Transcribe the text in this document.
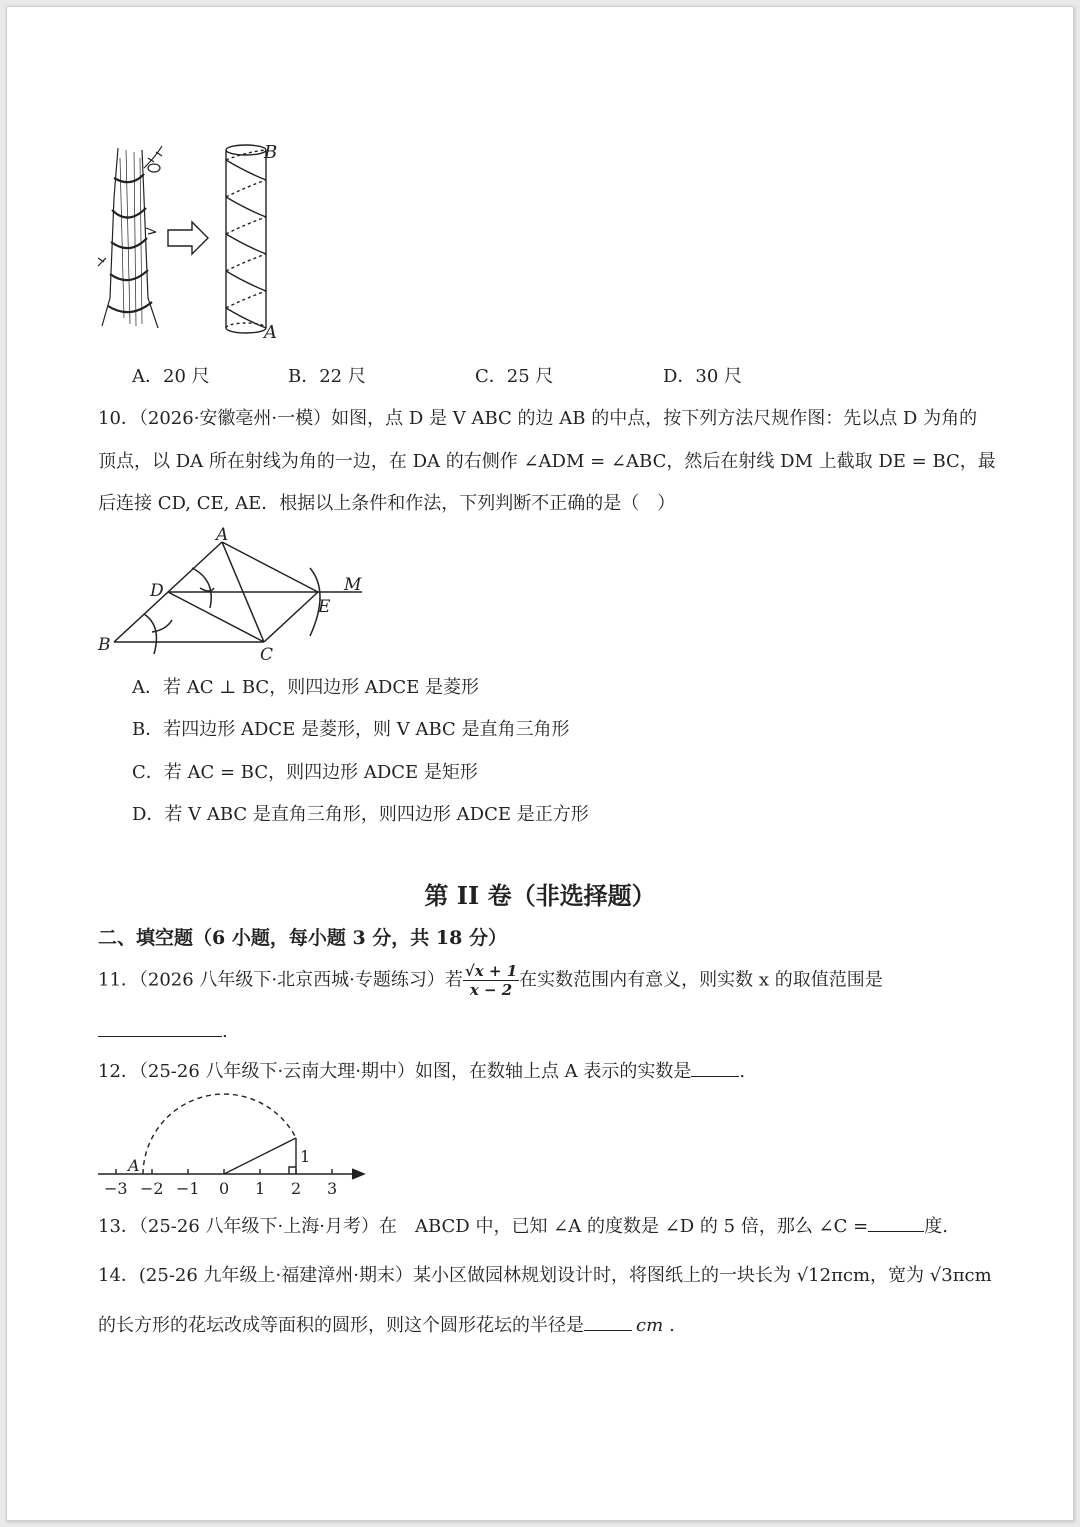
B
A
A．20 尺	B．22 尺	C．25 尺	D．30 尺
10．（2026·安徽亳州·一模）如图，点 D 是 V ABC 的边 AB 的中点，按下列方法尺规作图：先以点 D 为角的
顶点，以 DA 所在射线为角的一边，在 DA 的右侧作 ∠ADM = ∠ABC，然后在射线 DM 上截取 DE = BC，最
后连接 CD, CE, AE．根据以上条件和作法，下列判断不正确的是（　）
A
B	C
D
E
M
A．若 AC ⊥ BC，则四边形 ADCE 是菱形
B．若四边形 ADCE 是菱形，则 V ABC 是直角三角形
C．若 AC = BC，则四边形 ADCE 是矩形
D．若 V ABC 是直角三角形，则四边形 ADCE 是正方形
第 II 卷（非选择题）
二、填空题（6 小题，每小题 3 分，共 18 分）
11．（2026 八年级下·北京西城·专题练习）若 $\frac{√x + 1}{x - 2}$ 在实数范围内有意义，则实数 x 的取值范围是
.
12．（25-26 八年级下·云南大理·期中）如图，在数轴上点 A 表示的实数是	.
A	1
−3 −2 −1 0 1 2 3
13．（25-26 八年级下·上海·月考）在　ABCD 中，已知 ∠A 的度数是 ∠D 的 5 倍，那么 ∠C =	度.
14．(25-26 九年级上·福建漳州·期末）某小区做园林规划设计时，将图纸上的一块长为 √12πcm，宽为 √3πcm
的长方形的花坛改成等面积的圆形，则这个圆形花坛的半径是	cm .
